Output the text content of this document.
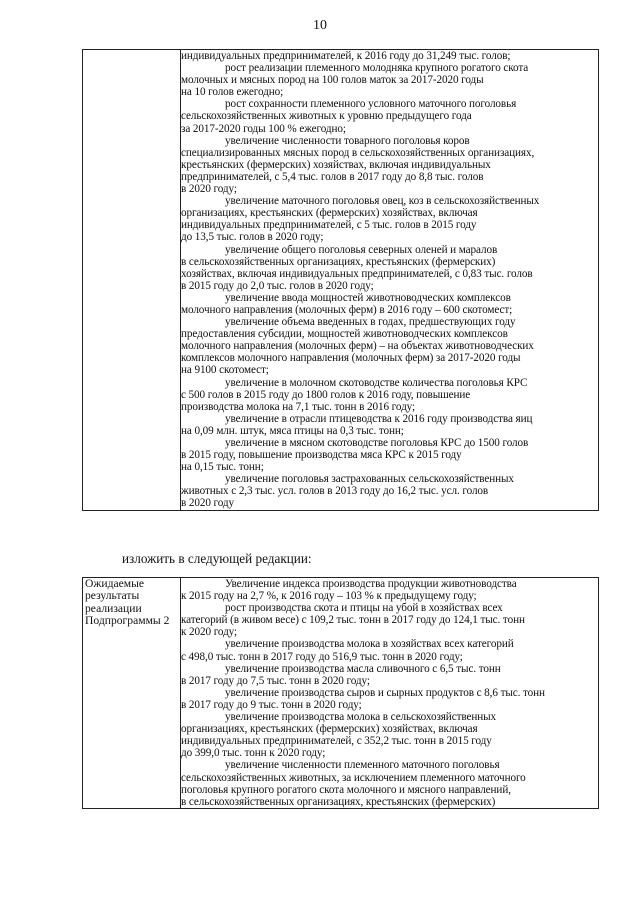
10

индивидуальных предпринимателей, к 2016 году до 31,249 тыс. голов;
рост реализации племенного молодняка крупного рогатого скота
молочных и мясных пород на 100 голов маток за 2017-2020 годы
на 10 голов ежегодно;
рост сохранности племенного условного маточного поголовья
сельскохозяйственных животных к уровню предыдущего года
за 2017-2020 годы 100 % ежегодно;
увеличение численности товарного поголовья коров
специализированных мясных пород в сельскохозяйственных организациях,
крестьянских (фермерских) хозяйствах, включая индивидуальных
предпринимателей, с 5,4 тыс. голов в 2017 году до 8,8 тыс. голов
в 2020 году;
увеличение маточного поголовья овец, коз в сельскохозяйственных
организациях, крестьянских (фермерских) хозяйствах, включая
индивидуальных предпринимателей, с 5 тыс. голов в 2015 году
до 13,5 тыс. голов в 2020 году;
увеличение общего поголовья северных оленей и маралов
в сельскохозяйственных организациях, крестьянских (фермерских)
хозяйствах, включая индивидуальных предпринимателей, с 0,83 тыс. голов
в 2015 году до 2,0 тыс. голов в 2020 году;
увеличение ввода мощностей животноводческих комплексов
молочного направления (молочных ферм) в 2016 году – 600 скотомест;
увеличение объема введенных в годах, предшествующих году
предоставления субсидии, мощностей животноводческих комплексов
молочного направления (молочных ферм) – на объектах животноводческих
комплексов молочного направления (молочных ферм) за 2017-2020 годы
на 9100 скотомест;
увеличение в молочном скотоводстве количества поголовья КРС
с 500 голов в 2015 году до 1800 голов к 2016 году, повышение
производства молока на 7,1 тыс. тонн в 2016 году;
увеличение в отрасли птицеводства к 2016 году производства яиц
на 0,09 млн. штук, мяса птицы на 0,3 тыс. тонн;
увеличение в мясном скотоводстве поголовья КРС до 1500 голов
в 2015 году, повышение производства мяса КРС к 2015 году
на 0,15 тыс. тонн;
увеличение поголовья застрахованных сельскохозяйственных
животных с 2,3 тыс. усл. голов в 2013 году до 16,2 тыс. усл. голов
в 2020 году
изложить в следующей редакции:
Ожидаемые
результаты
реализации
Подпрограммы 2

Увеличение индекса производства продукции животноводства
к 2015 году на 2,7 %, к 2016 году – 103 % к предыдущему году;
рост производства скота и птицы на убой в хозяйствах всех
категорий (в живом весе) с 109,2 тыс. тонн в 2017 году до 124,1 тыс. тонн
к 2020 году;
увеличение производства молока в хозяйствах всех категорий
с 498,0 тыс. тонн в 2017 году до 516,9 тыс. тонн в 2020 году;
увеличение производства масла сливочного с 6,5 тыс. тонн
в 2017 году до 7,5 тыс. тонн в 2020 году;
увеличение производства сыров и сырных продуктов с 8,6 тыс. тонн
в 2017 году до 9 тыс. тонн в 2020 году;
увеличение производства молока в сельскохозяйственных
организациях, крестьянских (фермерских) хозяйствах, включая
индивидуальных предпринимателей, с 352,2 тыс. тонн в 2015 году
до 399,0 тыс. тонн к 2020 году;
увеличение численности племенного маточного поголовья
сельскохозяйственных животных, за исключением племенного маточного
поголовья крупного рогатого скота молочного и мясного направлений,
в сельскохозяйственных организациях, крестьянских (фермерских)
